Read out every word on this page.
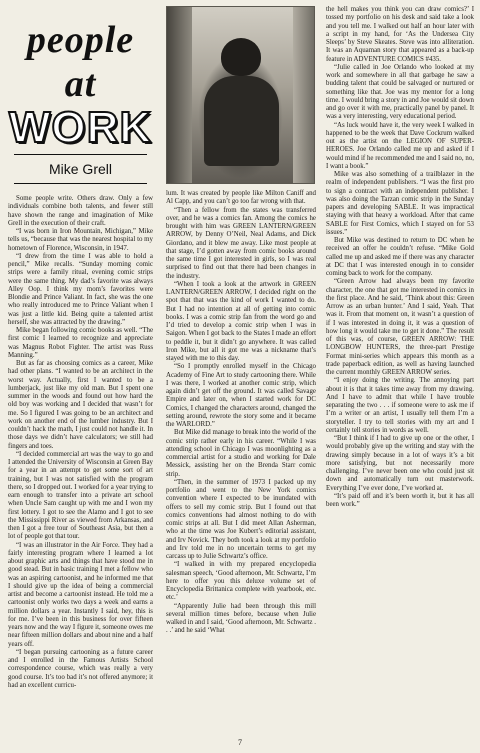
people at
WORK
Mike Grell

Some people write. Others draw. Only a few individuals combine both talents, and fewer still have shown the range and imagination of Mike Grell in the execution of their craft.

“I was born in Iron Mountain, Michigan,” Mike tells us, “because that was the nearest hospital to my hometown of Florence, Wisconsin, in 1947.

“I drew from the time I was able to hold a pencil,” Mike recalls. “Sunday morning comic strips were a family ritual, evening comic strips were the same thing. My dad’s favorite was always Alley Oop. I think my mom’s favorites were Blondie and Prince Valiant. In fact, she was the one who really introduced me to Prince Valiant when I was just a little kid. Being quite a talented artist herself, she was attracted by the drawing.”

Mike began following comic books as well. “The first comic I learned to recognize and appreciate was Magnus Robot Fighter. The artist was Russ Manning.”

But as far as choosing comics as a career, Mike had other plans. “I wanted to be an architect in the worst way. Actually, first I wanted to be a lumberjack, just like my old man. But I spent one summer in the woods and found out how hard the old boy was working and I decided that wasn’t for me. So I figured I was going to be an architect and work on another end of the lumber industry. But I couldn’t hack the math, I just could not handle it. In those days we didn’t have calculators; we still had fingers and toes.

“I decided commercial art was the way to go and I attended the University of Wisconsin at Green Bay for a year in an attempt to get some sort of art training, but I was not satisfied with the program there, so I dropped out. I worked for a year trying to earn enough to transfer into a private art school when Uncle Sam caught up with me and I won my first lottery. I got to see the Alamo and I got to see the Mississippi River as viewed from Arkansas, and then I got a free tour of Southeast Asia, but then a lot of people got that tour.

“I was an illustrator in the Air Force. They had a fairly interesting program where I learned a lot about graphic arts and things that have stood me in good stead. But in basic training I met a fellow who was an aspiring cartoonist, and he informed me that I should give up the idea of being a commercial artist and become a cartoonist instead. He told me a cartoonist only works two days a week and earns a million dollars a year. Instantly I said, hey, this is for me. I’ve been in this business for over fifteen years now and the way I figure it, someone owes me near fifteen million dollars and about nine and a half years off.

“I began pursuing cartooning as a future career and I enrolled in the Famous Artists School correspondence course, which was really a very good course. It’s too bad it’s not offered anymore; it had an excellent curricu-

lum. It was created by people like Milton Caniff and Al Capp, and you can’t go too far wrong with that.

“Then a fellow from the states was transferred over, and he was a comics fan. Among the comics he brought with him was GREEN LANTERN/GREEN ARROW, by Denny O’Neil, Neal Adams, and Dick Giordano, and it blew me away. Like most people at that stage, I’d gotten away from comic books around the same time I got interested in girls, so I was real surprised to find out that there had been changes in the industry.

“When I took a look at the artwork in GREEN LANTERN/GREEN ARROW, I decided right on the spot that that was the kind of work I wanted to do. But I had no intention at all of getting into comic books. I was a comic strip fan from the word go and I’d tried to develop a comic strip when I was in Saigon. When I got back to the States I made an effort to peddle it, but it didn’t go anywhere. It was called Iron Mike, but all it got me was a nickname that’s stayed with me to this day.

“So I promptly enrolled myself in the Chicago Academy of Fine Art to study cartooning there. While I was there, I worked at another comic strip, which again didn’t get off the ground. It was called Savage Empire and later on, when I started work for DC Comics, I changed the characters around, changed the setting around, rewrote the story some and it became the WARLORD.”

But Mike did manage to break into the world of the comic strip rather early in his career. “While I was attending school in Chicago I was moonlighting as a commercial artist for a studio and working for Dale Messick, assisting her on the Brenda Starr comic strip.

“Then, in the summer of 1973 I packed up my portfolio and went to the New York comics convention where I expected to be inundated with offers to sell my comic strip. But I found out that comics conventions had almost nothing to do with comic strips at all. But I did meet Allan Asherman, who at the time was Joe Kubert’s editorial assistant, and Irv Novick. They both took a look at my portfolio and Irv told me in no uncertain terms to get my carcass up to Julie Schwartz’s office.

“I walked in with my prepared encyclopedia salesman speech, ‘Good afternoon, Mr. Schwartz, I’m here to offer you this deluxe volume set of Encyclopedia Brittanica complete with yearbook, etc. etc.’

“Apparently Julie had been through this mill several million times before, because when Julie walked in and I said, ‘Good afternoon, Mr. Schwartz . . .’ and he said ‘What

the hell makes you think you can draw comics?’ I tossed my portfolio on his desk and said take a look and you tell me. I walked out half an hour later with a script in my hand, for ‘As the Undersea City Sleeps’ by Steve Skeates. Steve was into alliteration. It was an Aquaman story that appeared as a back-up feature in ADVENTURE COMICS #435.

“Julie called in Joe Orlando who looked at my work and somewhere in all that garbage he saw a budding talent that could be salvaged or nurtured or something like that. Joe was my mentor for a long time. I would bring a story in and Joe would sit down and go over it with me, practically panel by panel. It was a very interesting, very educational period.

“As luck would have it, the very week I walked in happened to be the week that Dave Cockrum walked out as the artist on the LEGION OF SUPER-HEROES. Joe Orlando called me up and asked if I would mind if he recommended me and I said no, no, I want a book.”

Mike was also something of a trailblazer in the realm of independent publishers. “I was the first pro to sign a contract with an independent publisher. I was also doing the Tarzan comic strip in the Sunday papers and developing SABLE. It was impractical staying with that heavy a workload. After that came SABLE for First Comics, which I stayed on for 53 issues.”

But Mike was destined to return to DC when he received an offer he couldn’t refuse. “Mike Gold called me up and asked me if there was any character at DC that I was interested enough in to consider coming back to work for the company.

“Green Arrow had always been my favorite character, the one that got me interested in comics in the first place. And he said, ‘Think about this: Green Arrow as an urban hunter.’ And I said, Yeah. That was it. From that moment on, it wasn’t a question of if I was interested in doing it, it was a question of how long it would take me to get it done.” The result of this was, of course, GREEN ARROW: THE LONGBOW HUNTERS, the three-part Prestige Format mini-series which appears this month as a trade paperback edition, as well as having launched the current monthly GREEN ARROW series.

“I enjoy doing the writing. The annoying part about it is that it takes time away from my drawing. And I have to admit that while I have trouble separating the two . . . if someone were to ask me if I’m a writer or an artist, I usually tell them I’m a storyteller. I try to tell stories with my art and I certainly tell stories in words as well.

“But I think if I had to give up one or the other, I would probably give up the writing and stay with the drawing simply because in a lot of ways it’s a bit more satisfying, but not necessarily more challenging. I’ve never been one who could just sit down and automatically turn out masterwork. Everything I’ve ever done, I’ve worked at.

“It’s paid off and it’s been worth it, but it has all been work.”

7
